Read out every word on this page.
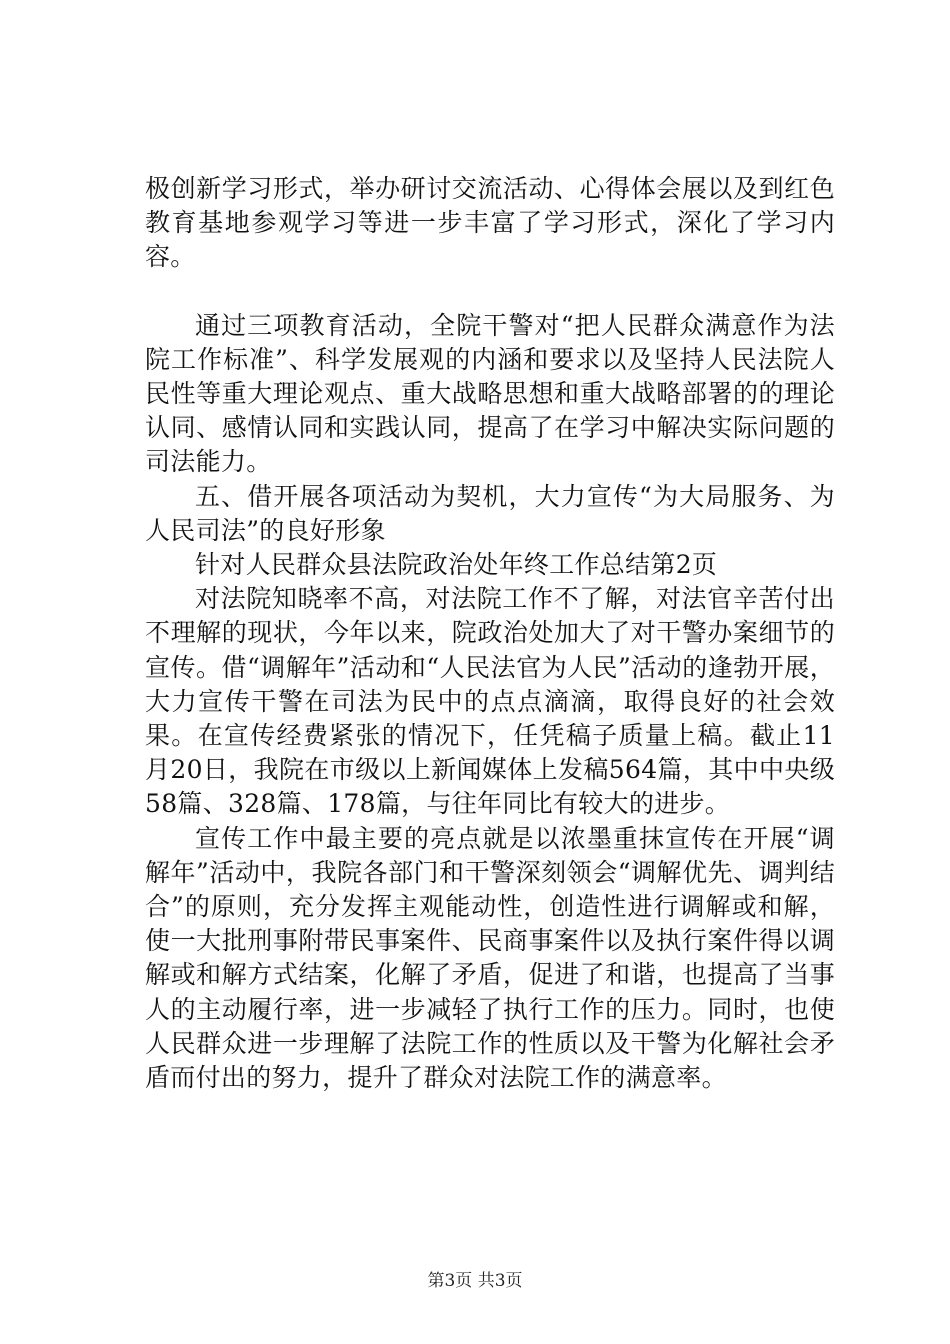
极创新学习形式，举办研讨交流活动、心得体会展以及到红色教育基地参观学习等进一步丰富了学习形式，深化了学习内容。

通过三项教育活动，全院干警对“把人民群众满意作为法院工作标准”、科学发展观的内涵和要求以及坚持人民法院人民性等重大理论观点、重大战略思想和重大战略部署的的理论认同、感情认同和实践认同，提高了在学习中解决实际问题的司法能力。

五、借开展各项活动为契机，大力宣传“为大局服务、为人民司法”的良好形象

针对人民群众县法院政治处年终工作总结第2页

对法院知晓率不高，对法院工作不了解，对法官辛苦付出不理解的现状，今年以来，院政治处加大了对干警办案细节的宣传。借“调解年”活动和“人民法官为人民”活动的逢勃开展，大力宣传干警在司法为民中的点点滴滴，取得良好的社会效果。在宣传经费紧张的情况下，任凭稿子质量上稿。截止11月20日，我院在市级以上新闻媒体上发稿564篇，其中中央级58篇、328篇、178篇，与往年同比有较大的进步。

宣传工作中最主要的亮点就是以浓墨重抹宣传在开展“调解年”活动中，我院各部门和干警深刻领会“调解优先、调判结合”的原则，充分发挥主观能动性，创造性进行调解或和解，使一大批刑事附带民事案件、民商事案件以及执行案件得以调解或和解方式结案，化解了矛盾，促进了和谐，也提高了当事人的主动履行率，进一步减轻了执行工作的压力。同时，也使人民群众进一步理解了法院工作的性质以及干警为化解社会矛盾而付出的努力，提升了群众对法院工作的满意率。

第3页 共3页
